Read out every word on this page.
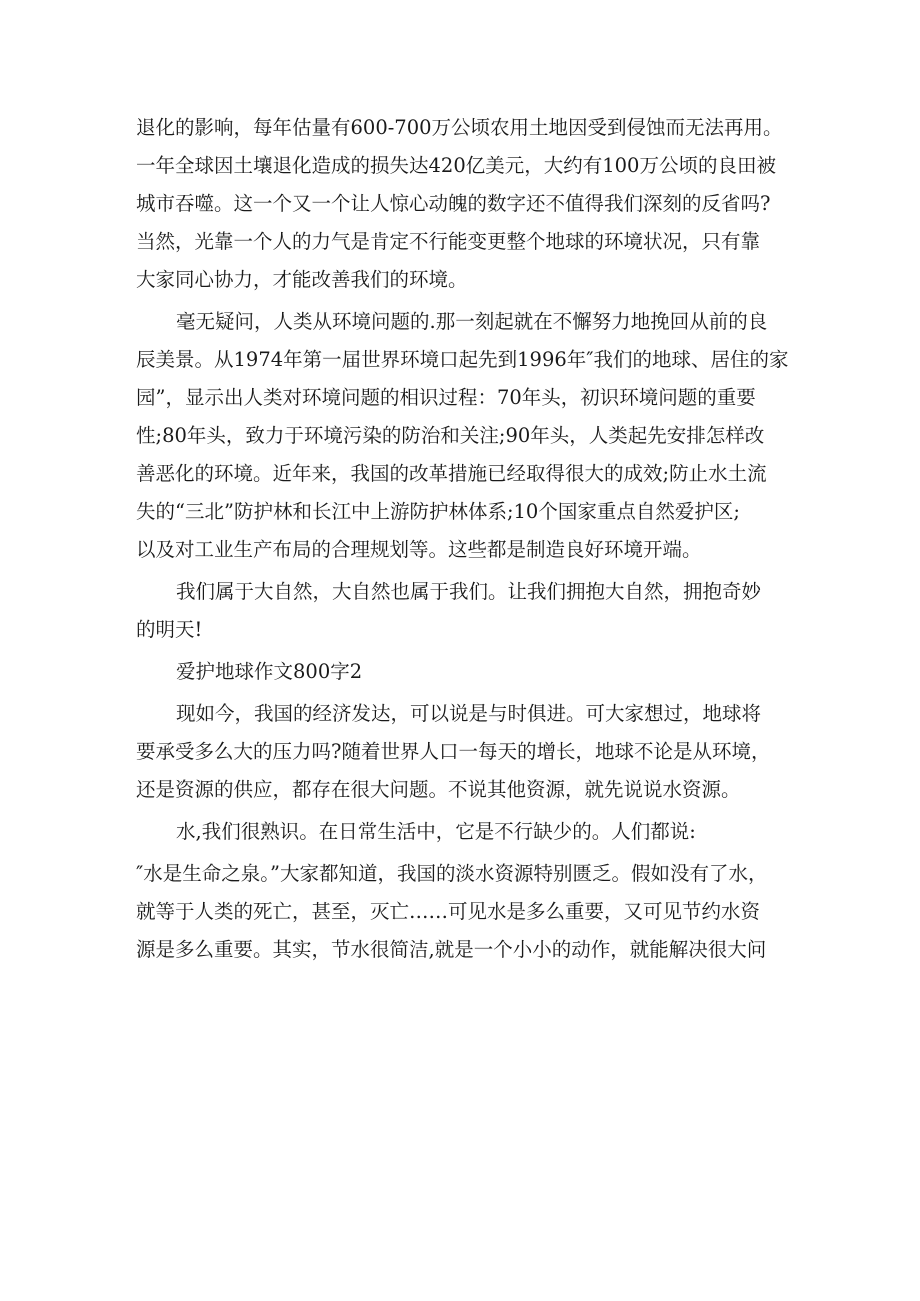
退化的影响，每年估量有600-700万公顷农用土地因受到侵蚀而无法再用。
一年全球因土壤退化造成的损失达420亿美元，大约有100万公顷的良田被
城市吞噬。这一个又一个让人惊心动魄的数字还不值得我们深刻的反省吗?
当然，光靠一个人的力气是肯定不行能变更整个地球的环境状况，只有靠
大家同心协力，才能改善我们的环境。
毫无疑问，人类从环境问题的.那一刻起就在不懈努力地挽回从前的良
辰美景。从1974年第一届世界环境口起先到1996年″我们的地球、居住的家
园”，显示出人类对环境问题的相识过程：70年头，初识环境问题的重要
性;80年头，致力于环境污染的防治和关注;90年头，人类起先安排怎样改
善恶化的环境。近年来，我国的改革措施已经取得很大的成效;防止水土流
失的“三北”防护林和长江中上游防护林体系;10个国家重点自然爱护区;
以及对工业生产布局的合理规划等。这些都是制造良好环境开端。
我们属于大自然，大自然也属于我们。让我们拥抱大自然，拥抱奇妙
的明天!
爱护地球作文800字2
现如今，我国的经济发达，可以说是与时俱进。可大家想过，地球将
要承受多么大的压力吗?随着世界人口一每天的增长，地球不论是从环境，
还是资源的供应，都存在很大问题。不说其他资源，就先说说水资源。
水,我们很熟识。在日常生活中，它是不行缺少的。人们都说:
″水是生命之泉。”大家都知道，我国的淡水资源特别匮乏。假如没有了水，
就等于人类的死亡，甚至，灭亡……可见水是多么重要，又可见节约水资
源是多么重要。其实，节水很简洁,就是一个小小的动作，就能解决很大问
